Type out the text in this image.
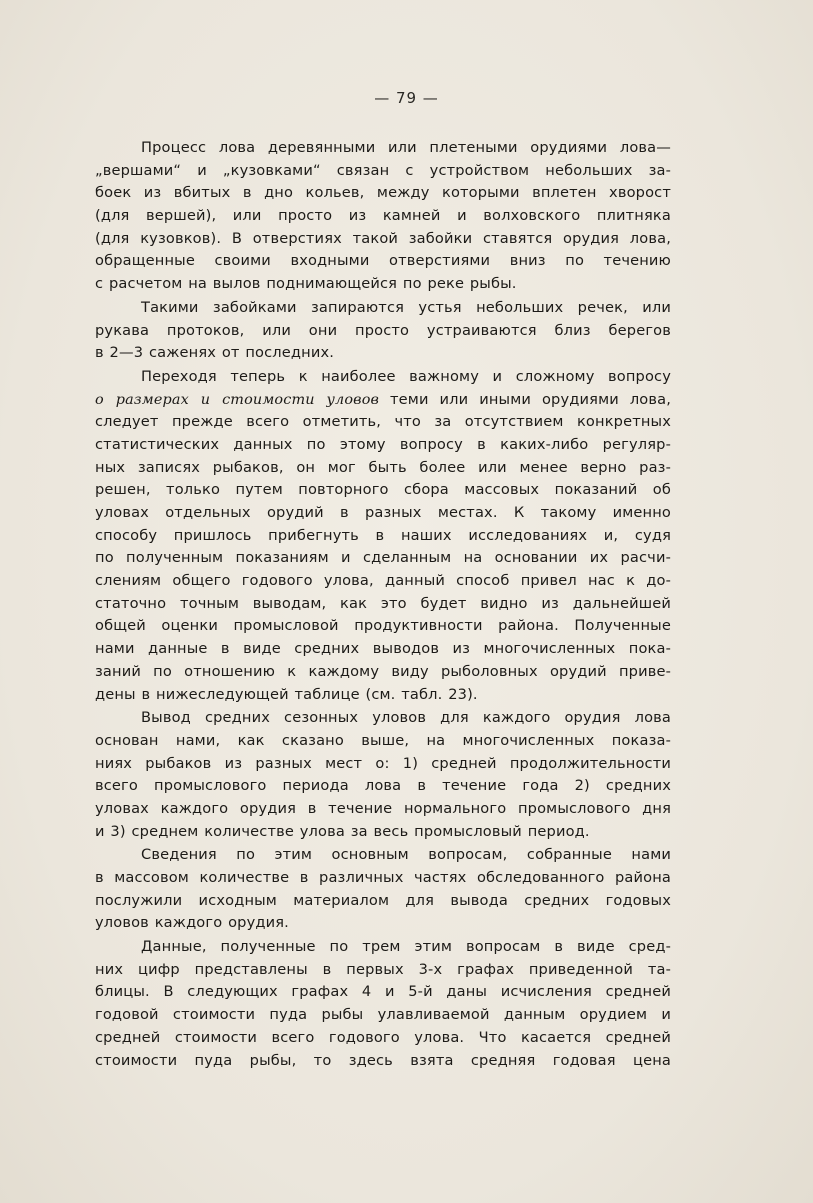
— 79 —
Процесс лова деревянными или плетеными орудиями лова—
„вершами“ и „кузовками“ связан с устройством небольших за-
боек из вбитых в дно кольев, между которыми вплетен хворост
(для вершей), или просто из камней и волховского плитняка
(для кузовков). В отверстиях такой забойки ставятся орудия лова,
обращенные своими входными отверстиями вниз по течению
с расчетом на вылов поднимающейся по реке рыбы.
Такими забойками запираются устья небольших речек, или
рукава протоков, или они просто устраиваются близ берегов
в 2—3 саженях от последних.
Переходя теперь к наиболее важному и сложному вопросу
о размерах и стоимости уловов теми или иными орудиями лова,
следует прежде всего отметить, что за отсутствием конкретных
статистических данных по этому вопросу в каких-либо регуляр-
ных записях рыбаков, он мог быть более или менее верно раз-
решен, только путем повторного сбора массовых показаний об
уловах отдельных орудий в разных местах. К такому именно
способу пришлось прибегнуть в наших исследованиях и, судя
по полученным показаниям и сделанным на основании их расчи-
слениям общего годового улова, данный способ привел нас к до-
статочно точным выводам, как это будет видно из дальнейшей
общей оценки промысловой продуктивности района. Полученные
нами данные в виде средних выводов из многочисленных пока-
заний по отношению к каждому виду рыболовных орудий приве-
дены в нижеследующей таблице (см. табл. 23).
Вывод средних сезонных уловов для каждого орудия лова
основан нами, как сказано выше, на многочисленных показа-
ниях рыбаков из разных мест о: 1) средней продолжительности
всего промыслового периода лова в течение года 2) средних
уловах каждого орудия в течение нормального промыслового дня
и 3) среднем количестве улова за весь промысловый период.
Сведения по этим основным вопросам, собранные нами
в массовом количестве в различных частях обследованного района
послужили исходным материалом для вывода средних годовых
уловов каждого орудия.
Данные, полученные по трем этим вопросам в виде сред-
них цифр представлены в первых 3-х графах приведенной та-
блицы. В следующих графах 4 и 5-й даны исчисления средней
годовой стоимости пуда рыбы улавливаемой данным орудием и
средней стоимости всего годового улова. Что касается средней
стоимости пуда рыбы, то здесь взята средняя годовая цена
